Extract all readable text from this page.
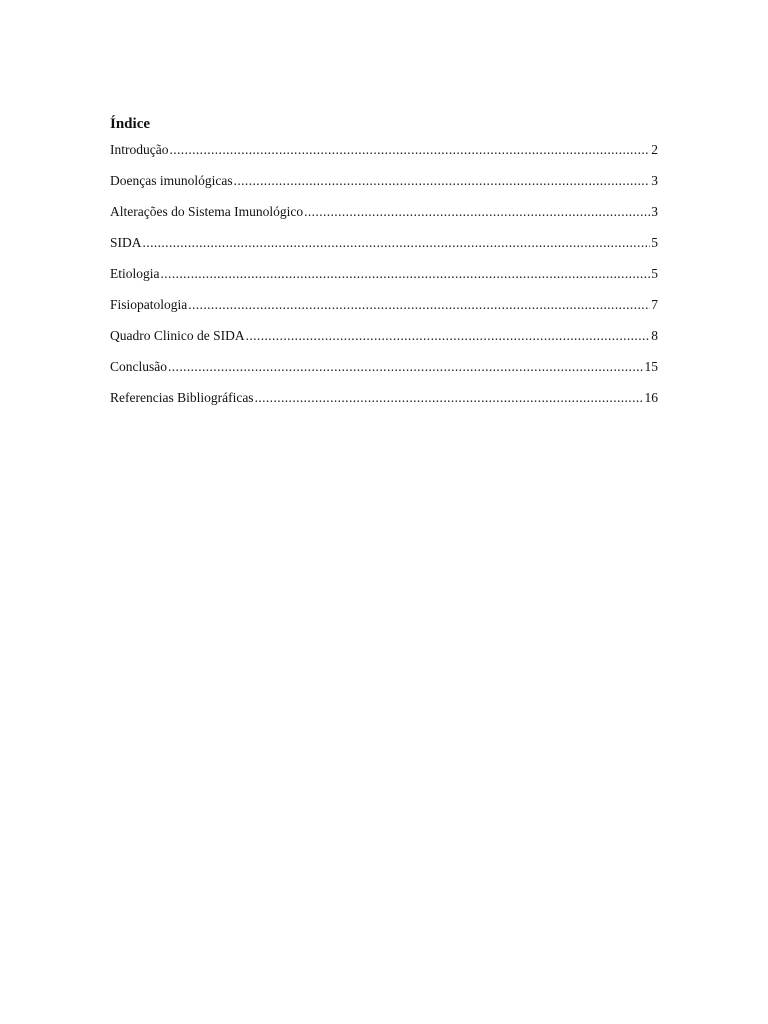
Índice
Introdução .....	2
Doenças imunológicas .....	3
Alterações do Sistema Imunológico .....	3
SIDA .....	5
Etiologia .....	5
Fisiopatologia .....	7
Quadro Clinico de SIDA .....	8
Conclusão .....	15
Referencias Bibliográficas .....	16
